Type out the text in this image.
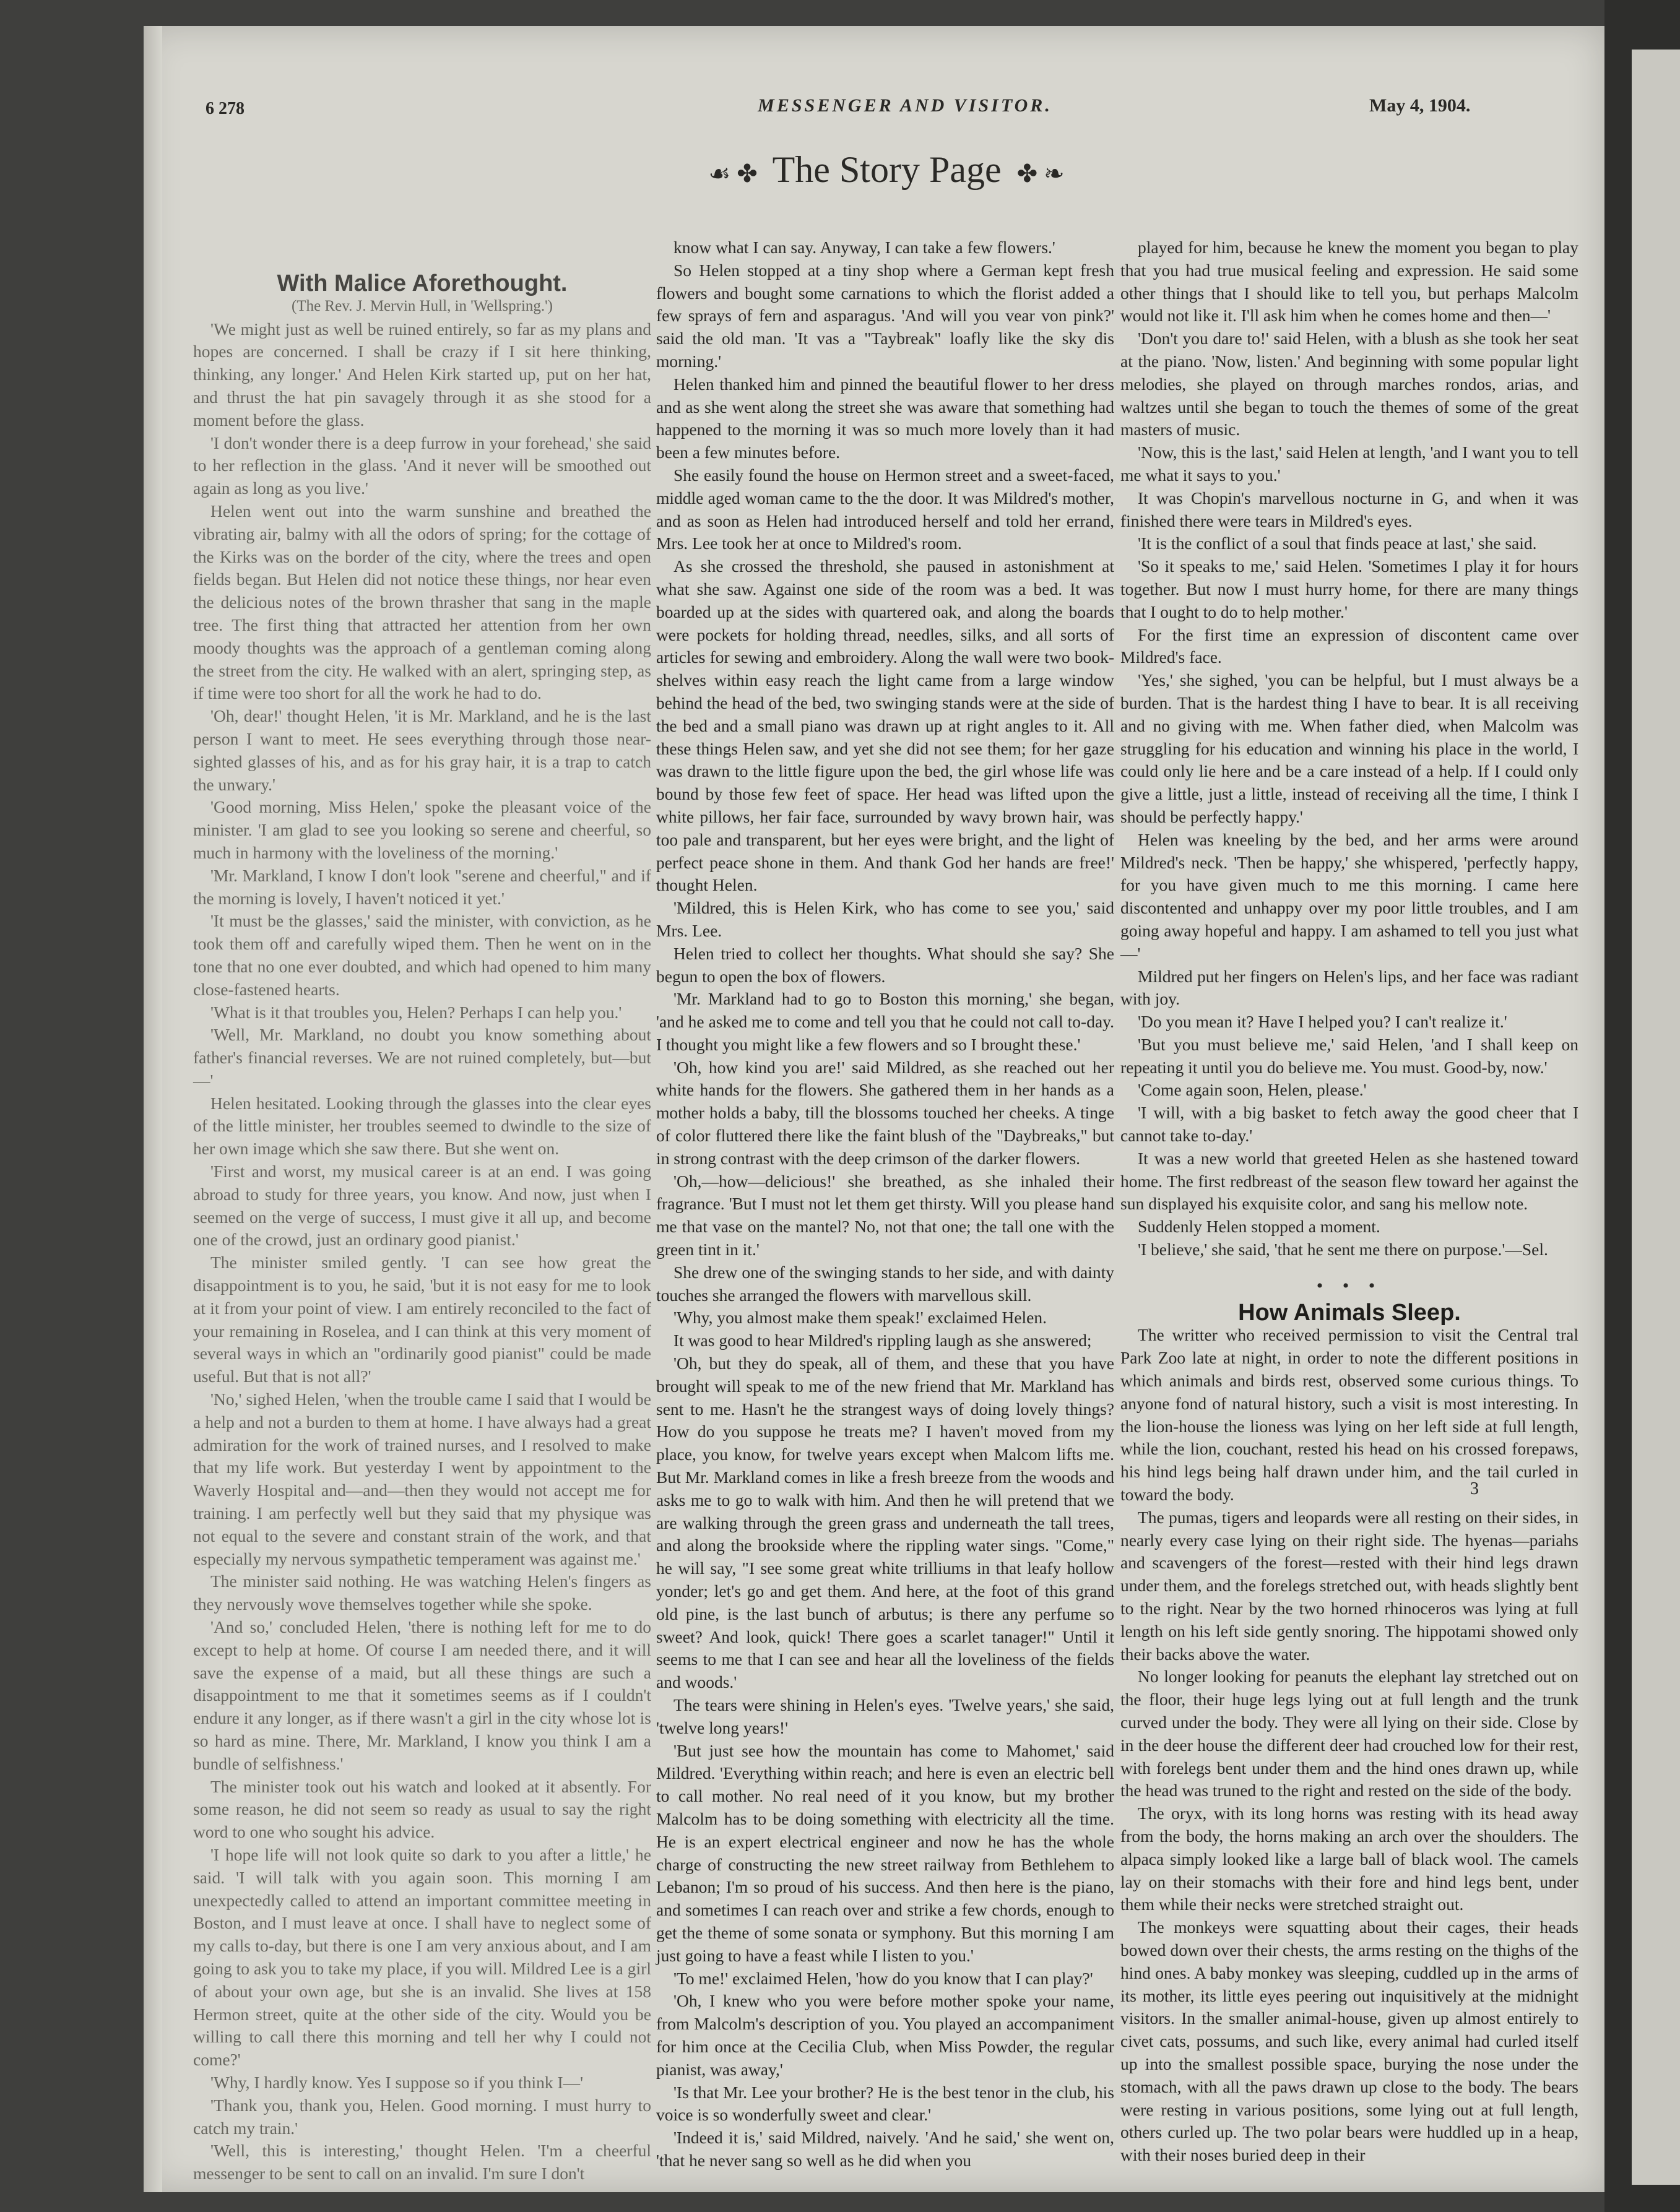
6 278	MESSENGER AND VISITOR.	May 4, 1904.
☙ ✤ The Story Page ✤ ❧

With Malice Aforethought.

(The Rev. J. Mervin Hull, in 'Wellspring.')

'We might just as well be ruined entirely, so far as my plans and hopes are concerned. I shall be crazy if I sit here thinking, thinking, any longer.' And Helen Kirk started up, put on her hat, and thrust the hat pin savagely through it as she stood for a moment before the glass.

'I don't wonder there is a deep furrow in your forehead,' she said to her reflection in the glass. 'And it never will be smoothed out again as long as you live.'

Helen went out into the warm sunshine and breathed the vibrating air, balmy with all the odors of spring; for the cottage of the Kirks was on the border of the city, where the trees and open fields began. But Helen did not notice these things, nor hear even the delicious notes of the brown thrasher that sang in the maple tree. The first thing that attracted her attention from her own moody thoughts was the approach of a gentleman coming along the street from the city. He walked with an alert, springing step, as if time were too short for all the work he had to do.

'Oh, dear!' thought Helen, 'it is Mr. Markland, and he is the last person I want to meet. He sees everything through those near-sighted glasses of his, and as for his gray hair, it is a trap to catch the unwary.'

'Good morning, Miss Helen,' spoke the pleasant voice of the minister. 'I am glad to see you looking so serene and cheerful, so much in harmony with the loveliness of the morning.'

'Mr. Markland, I know I don't look "serene and cheerful," and if the morning is lovely, I haven't noticed it yet.'

'It must be the glasses,' said the minister, with conviction, as he took them off and carefully wiped them. Then he went on in the tone that no one ever doubted, and which had opened to him many close-fastened hearts.

'What is it that troubles you, Helen? Perhaps I can help you.'

'Well, Mr. Markland, no doubt you know something about father's financial reverses. We are not ruined completely, but—but—'

Helen hesitated. Looking through the glasses into the clear eyes of the little minister, her troubles seemed to dwindle to the size of her own image which she saw there. But she went on.

'First and worst, my musical career is at an end. I was going abroad to study for three years, you know. And now, just when I seemed on the verge of success, I must give it all up, and become one of the crowd, just an ordinary good pianist.'

The minister smiled gently. 'I can see how great the disappointment is to you, he said, 'but it is not easy for me to look at it from your point of view. I am entirely reconciled to the fact of your remaining in Roselea, and I can think at this very moment of several ways in which an "ordinarily good pianist" could be made useful. But that is not all?'

'No,' sighed Helen, 'when the trouble came I said that I would be a help and not a burden to them at home. I have always had a great admiration for the work of trained nurses, and I resolved to make that my life work. But yesterday I went by appointment to the Waverly Hospital and—and—then they would not accept me for training. I am perfectly well but they said that my physique was not equal to the severe and constant strain of the work, and that especially my nervous sympathetic temperament was against me.'

The minister said nothing. He was watching Helen's fingers as they nervously wove themselves together while she spoke.

'And so,' concluded Helen, 'there is nothing left for me to do except to help at home. Of course I am needed there, and it will save the expense of a maid, but all these things are such a disappointment to me that it sometimes seems as if I couldn't endure it any longer, as if there wasn't a girl in the city whose lot is so hard as mine. There, Mr. Markland, I know you think I am a bundle of selfishness.'

The minister took out his watch and looked at it absently. For some reason, he did not seem so ready as usual to say the right word to one who sought his advice.

'I hope life will not look quite so dark to you after a little,' he said. 'I will talk with you again soon. This morning I am unexpectedly called to attend an important committee meeting in Boston, and I must leave at once. I shall have to neglect some of my calls to-day, but there is one I am very anxious about, and I am going to ask you to take my place, if you will. Mildred Lee is a girl of about your own age, but she is an invalid. She lives at 158 Hermon street, quite at the other side of the city. Would you be willing to call there this morning and tell her why I could not come?'

'Why, I hardly know. Yes I suppose so if you think I—'

'Thank you, thank you, Helen. Good morning. I must hurry to catch my train.'

'Well, this is interesting,' thought Helen. 'I'm a cheerful messenger to be sent to call on an invalid. I'm sure I don't

know what I can say. Anyway, I can take a few flowers.'

So Helen stopped at a tiny shop where a German kept fresh flowers and bought some carnations to which the florist added a few sprays of fern and asparagus. 'And will you vear von pink?' said the old man. 'It vas a "Taybreak" loafly like the sky dis morning.'

Helen thanked him and pinned the beautiful flower to her dress and as she went along the street she was aware that something had happened to the morning it was so much more lovely than it had been a few minutes before.

She easily found the house on Hermon street and a sweet-faced, middle aged woman came to the the door. It was Mildred's mother, and as soon as Helen had introduced herself and told her errand, Mrs. Lee took her at once to Mildred's room.

As she crossed the threshold, she paused in astonishment at what she saw. Against one side of the room was a bed. It was boarded up at the sides with quartered oak, and along the boards were pockets for holding thread, needles, silks, and all sorts of articles for sewing and embroidery. Along the wall were two book-shelves within easy reach the light came from a large window behind the head of the bed, two swinging stands were at the side of the bed and a small piano was drawn up at right angles to it. All these things Helen saw, and yet she did not see them; for her gaze was drawn to the little figure upon the bed, the girl whose life was bound by those few feet of space. Her head was lifted upon the white pillows, her fair face, surrounded by wavy brown hair, was too pale and transparent, but her eyes were bright, and the light of perfect peace shone in them. And thank God her hands are free!' thought Helen.

'Mildred, this is Helen Kirk, who has come to see you,' said Mrs. Lee.

Helen tried to collect her thoughts. What should she say? She begun to open the box of flowers.

'Mr. Markland had to go to Boston this morning,' she began, 'and he asked me to come and tell you that he could not call to-day. I thought you might like a few flowers and so I brought these.'

'Oh, how kind you are!' said Mildred, as she reached out her white hands for the flowers. She gathered them in her hands as a mother holds a baby, till the blossoms touched her cheeks. A tinge of color fluttered there like the faint blush of the "Daybreaks," but in strong contrast with the deep crimson of the darker flowers.

'Oh,—how—delicious!' she breathed, as she inhaled their fragrance. 'But I must not let them get thirsty. Will you please hand me that vase on the mantel? No, not that one; the tall one with the green tint in it.'

She drew one of the swinging stands to her side, and with dainty touches she arranged the flowers with marvellous skill.

'Why, you almost make them speak!' exclaimed Helen.

It was good to hear Mildred's rippling laugh as she answered;

'Oh, but they do speak, all of them, and these that you have brought will speak to me of the new friend that Mr. Markland has sent to me. Hasn't he the strangest ways of doing lovely things? How do you suppose he treats me? I haven't moved from my place, you know, for twelve years except when Malcom lifts me. But Mr. Markland comes in like a fresh breeze from the woods and asks me to go to walk with him. And then he will pretend that we are walking through the green grass and underneath the tall trees, and along the brookside where the rippling water sings. "Come," he will say, "I see some great white trilliums in that leafy hollow yonder; let's go and get them. And here, at the foot of this grand old pine, is the last bunch of arbutus; is there any perfume so sweet? And look, quick! There goes a scarlet tanager!" Until it seems to me that I can see and hear all the loveliness of the fields and woods.'

The tears were shining in Helen's eyes. 'Twelve years,' she said, 'twelve long years!'

'But just see how the mountain has come to Mahomet,' said Mildred. 'Everything within reach; and here is even an electric bell to call mother. No real need of it you know, but my brother Malcolm has to be doing something with electricity all the time. He is an expert electrical engineer and now he has the whole charge of constructing the new street railway from Bethlehem to Lebanon; I'm so proud of his success. And then here is the piano, and sometimes I can reach over and strike a few chords, enough to get the theme of some sonata or symphony. But this morning I am just going to have a feast while I listen to you.'

'To me!' exclaimed Helen, 'how do you know that I can play?'

'Oh, I knew who you were before mother spoke your name, from Malcolm's description of you. You played an accompaniment for him once at the Cecilia Club, when Miss Powder, the regular pianist, was away,'

'Is that Mr. Lee your brother? He is the best tenor in the club, his voice is so wonderfully sweet and clear.'

'Indeed it is,' said Mildred, naively. 'And he said,' she went on, 'that he never sang so well as he did when you

played for him, because he knew the moment you began to play that you had true musical feeling and expression. He said some other things that I should like to tell you, but perhaps Malcolm would not like it. I'll ask him when he comes home and then—'

'Don't you dare to!' said Helen, with a blush as she took her seat at the piano. 'Now, listen.' And beginning with some popular light melodies, she played on through marches rondos, arias, and waltzes until she began to touch the themes of some of the great masters of music.

'Now, this is the last,' said Helen at length, 'and I want you to tell me what it says to you.'

It was Chopin's marvellous nocturne in G, and when it was finished there were tears in Mildred's eyes.

'It is the conflict of a soul that finds peace at last,' she said.

'So it speaks to me,' said Helen. 'Sometimes I play it for hours together. But now I must hurry home, for there are many things that I ought to do to help mother.'

For the first time an expression of discontent came over Mildred's face.

'Yes,' she sighed, 'you can be helpful, but I must always be a burden. That is the hardest thing I have to bear. It is all receiving and no giving with me. When father died, when Malcolm was struggling for his education and winning his place in the world, I could only lie here and be a care instead of a help. If I could only give a little, just a little, instead of receiving all the time, I think I should be perfectly happy.'

Helen was kneeling by the bed, and her arms were around Mildred's neck. 'Then be happy,' she whispered, 'perfectly happy, for you have given much to me this morning. I came here discontented and unhappy over my poor little troubles, and I am going away hopeful and happy. I am ashamed to tell you just what—'

Mildred put her fingers on Helen's lips, and her face was radiant with joy.

'Do you mean it? Have I helped you? I can't realize it.'

'But you must believe me,' said Helen, 'and I shall keep on repeating it until you do believe me. You must. Good-by, now.'

'Come again soon, Helen, please.'

'I will, with a big basket to fetch away the good cheer that I cannot take to-day.'

It was a new world that greeted Helen as she hastened toward home. The first redbreast of the season flew toward her against the sun displayed his exquisite color, and sang his mellow note.

Suddenly Helen stopped a moment.

'I believe,' she said, 'that he sent me there on purpose.'—Sel.

• • •

How Animals Sleep.

The writter who received permission to visit the Central tral Park Zoo late at night, in order to note the different positions in which animals and birds rest, observed some curious things. To anyone fond of natural history, such a visit is most interesting. In the lion-house the lioness was lying on her left side at full length, while the lion, couchant, rested his head on his crossed forepaws, his hind legs being half drawn under him, and the tail curled in toward the body.

The pumas, tigers and leopards were all resting on their sides, in nearly every case lying on their right side. The hyenas—pariahs and scavengers of the forest—rested with their hind legs drawn under them, and the forelegs stretched out, with heads slightly bent to the right. Near by the two horned rhinoceros was lying at full length on his left side gently snoring. The hippotami showed only their backs above the water.

No longer looking for peanuts the elephant lay stretched out on the floor, their huge legs lying out at full length and the trunk curved under the body. They were all lying on their side. Close by in the deer house the different deer had crouched low for their rest, with forelegs bent under them and the hind ones drawn up, while the head was truned to the right and rested on the side of the body.

The oryx, with its long horns was resting with its head away from the body, the horns making an arch over the shoulders. The alpaca simply looked like a large ball of black wool. The camels lay on their stomachs with their fore and hind legs bent, under them while their necks were stretched straight out.

The monkeys were squatting about their cages, their heads bowed down over their chests, the arms resting on the thighs of the hind ones. A baby monkey was sleeping, cuddled up in the arms of its mother, its little eyes peering out inquisitively at the midnight visitors. In the smaller animal-house, given up almost entirely to civet cats, possums, and such like, every animal had curled itself up into the smallest possible space, burying the nose under the stomach, with all the paws drawn up close to the body. The bears were resting in various positions, some lying out at full length, others curled up. The two polar bears were huddled up in a heap, with their noses buried deep in their

3
